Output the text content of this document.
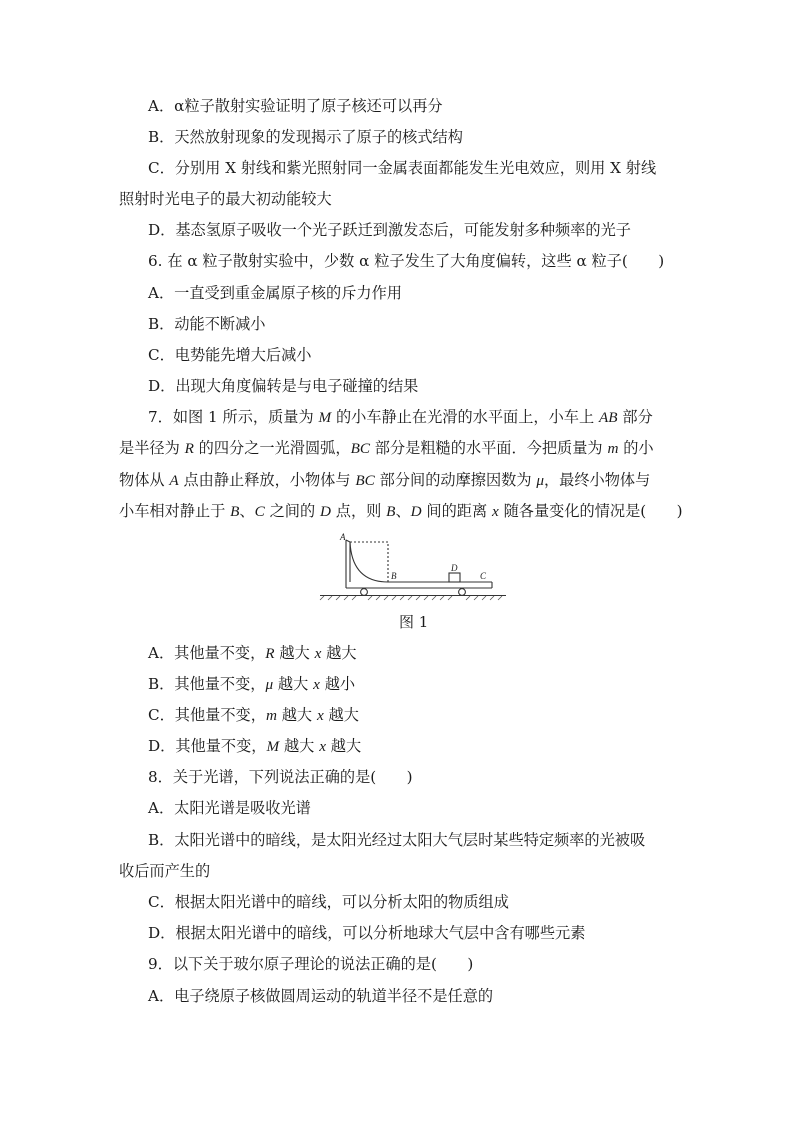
A．α粒子散射实验证明了原子核还可以再分
B．天然放射现象的发现揭示了原子的核式结构
C．分别用 X 射线和紫光照射同一金属表面都能发生光电效应，则用 X 射线
照射时光电子的最大初动能较大
D．基态氢原子吸收一个光子跃迁到激发态后，可能发射多种频率的光子
6. 在 α 粒子散射实验中，少数 α 粒子发生了大角度偏转，这些 α 粒子(　　)
A．一直受到重金属原子核的斥力作用
B．动能不断减小
C．电势能先增大后减小
D．出现大角度偏转是与电子碰撞的结果
7．如图 1 所示，质量为 M 的小车静止在光滑的水平面上，小车上 AB 部分
是半径为 R 的四分之一光滑圆弧，BC 部分是粗糙的水平面．今把质量为 m 的小
物体从 A 点由静止释放，小物体与 BC 部分间的动摩擦因数为 μ，最终小物体与
小车相对静止于 B、C 之间的 D 点，则 B、D 间的距离 x 随各量变化的情况是(　　)
A
B
D
C
图 1
A．其他量不变，R 越大 x 越大
B．其他量不变，μ 越大 x 越小
C．其他量不变，m 越大 x 越大
D．其他量不变，M 越大 x 越大
8．关于光谱，下列说法正确的是(　　)
A．太阳光谱是吸收光谱
B．太阳光谱中的暗线，是太阳光经过太阳大气层时某些特定频率的光被吸
收后而产生的
C．根据太阳光谱中的暗线，可以分析太阳的物质组成
D．根据太阳光谱中的暗线，可以分析地球大气层中含有哪些元素
9．以下关于玻尔原子理论的说法正确的是(　　)
A．电子绕原子核做圆周运动的轨道半径不是任意的
